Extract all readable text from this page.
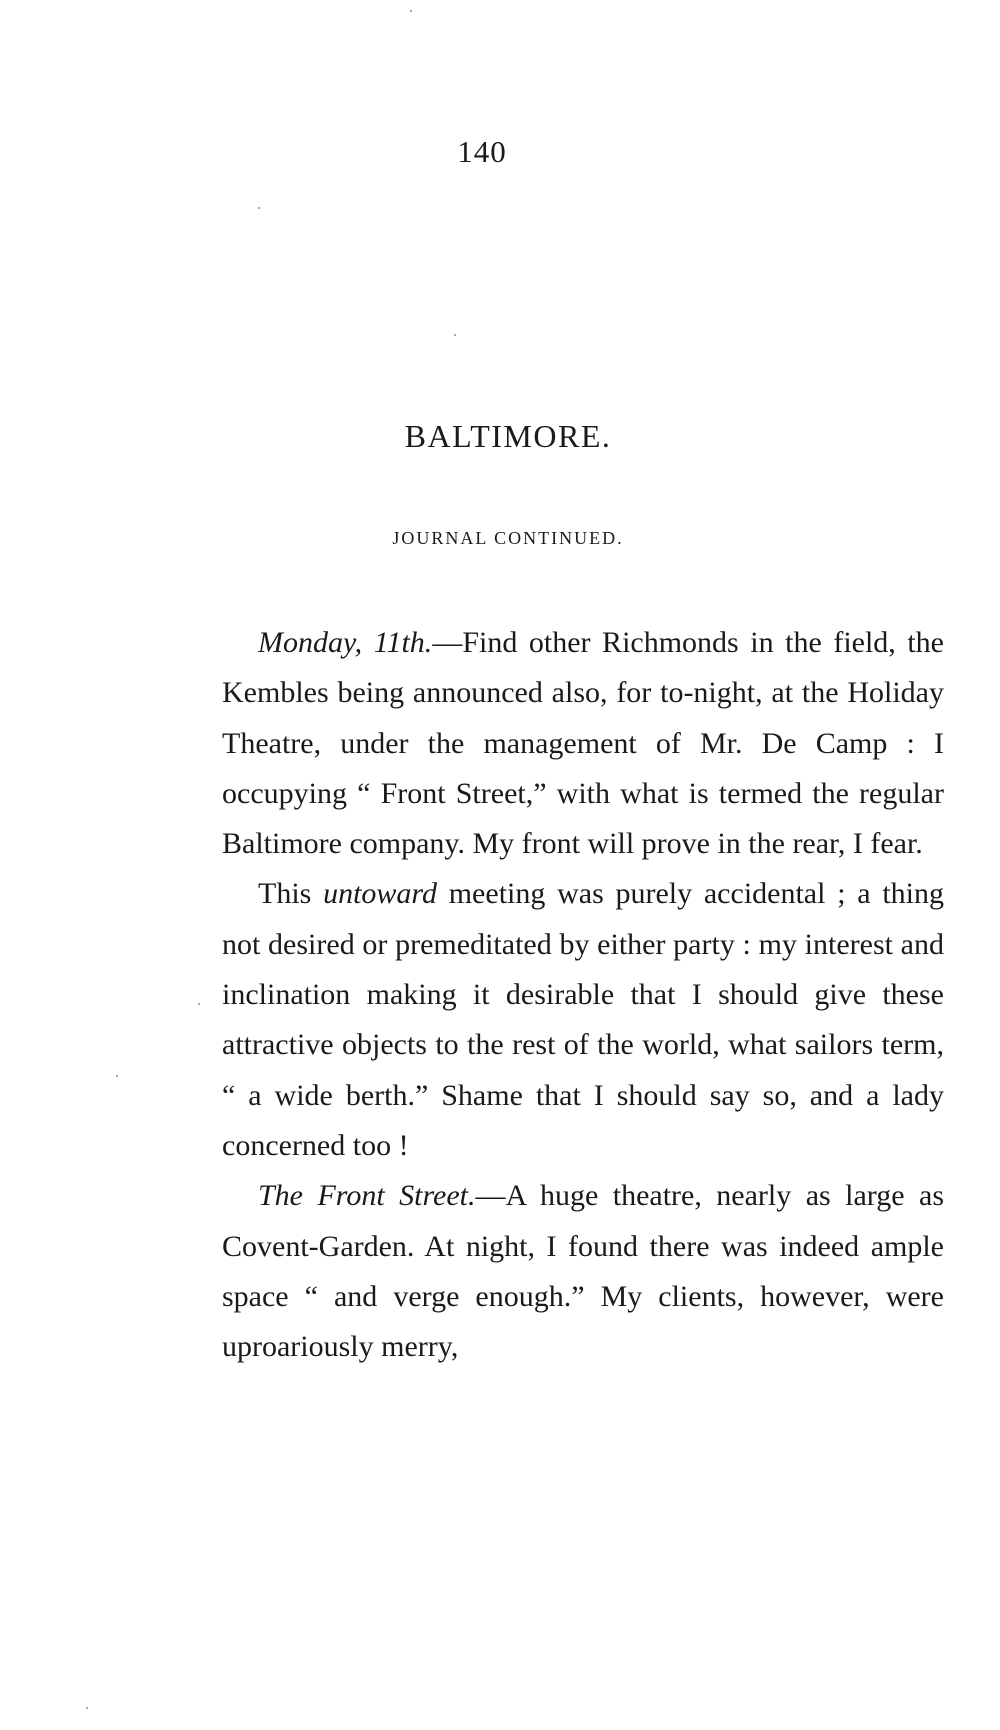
140
BALTIMORE.
JOURNAL CONTINUED.

Monday, 11th.—Find other Richmonds in the field, the Kembles being announced also, for to-night, at the Holiday Theatre, under the management of Mr. De Camp : I occupying “ Front Street,” with what is termed the regular Baltimore company. My front will prove in the rear, I fear.

This untoward meeting was purely accidental ; a thing not desired or premeditated by either party : my interest and inclination making it desirable that I should give these attractive objects to the rest of the world, what sailors term, “ a wide berth.” Shame that I should say so, and a lady concerned too !

The Front Street.—A huge theatre, nearly as large as Covent-Garden. At night, I found there was indeed ample space “ and verge enough.” My clients, however, were uproariously merry,
